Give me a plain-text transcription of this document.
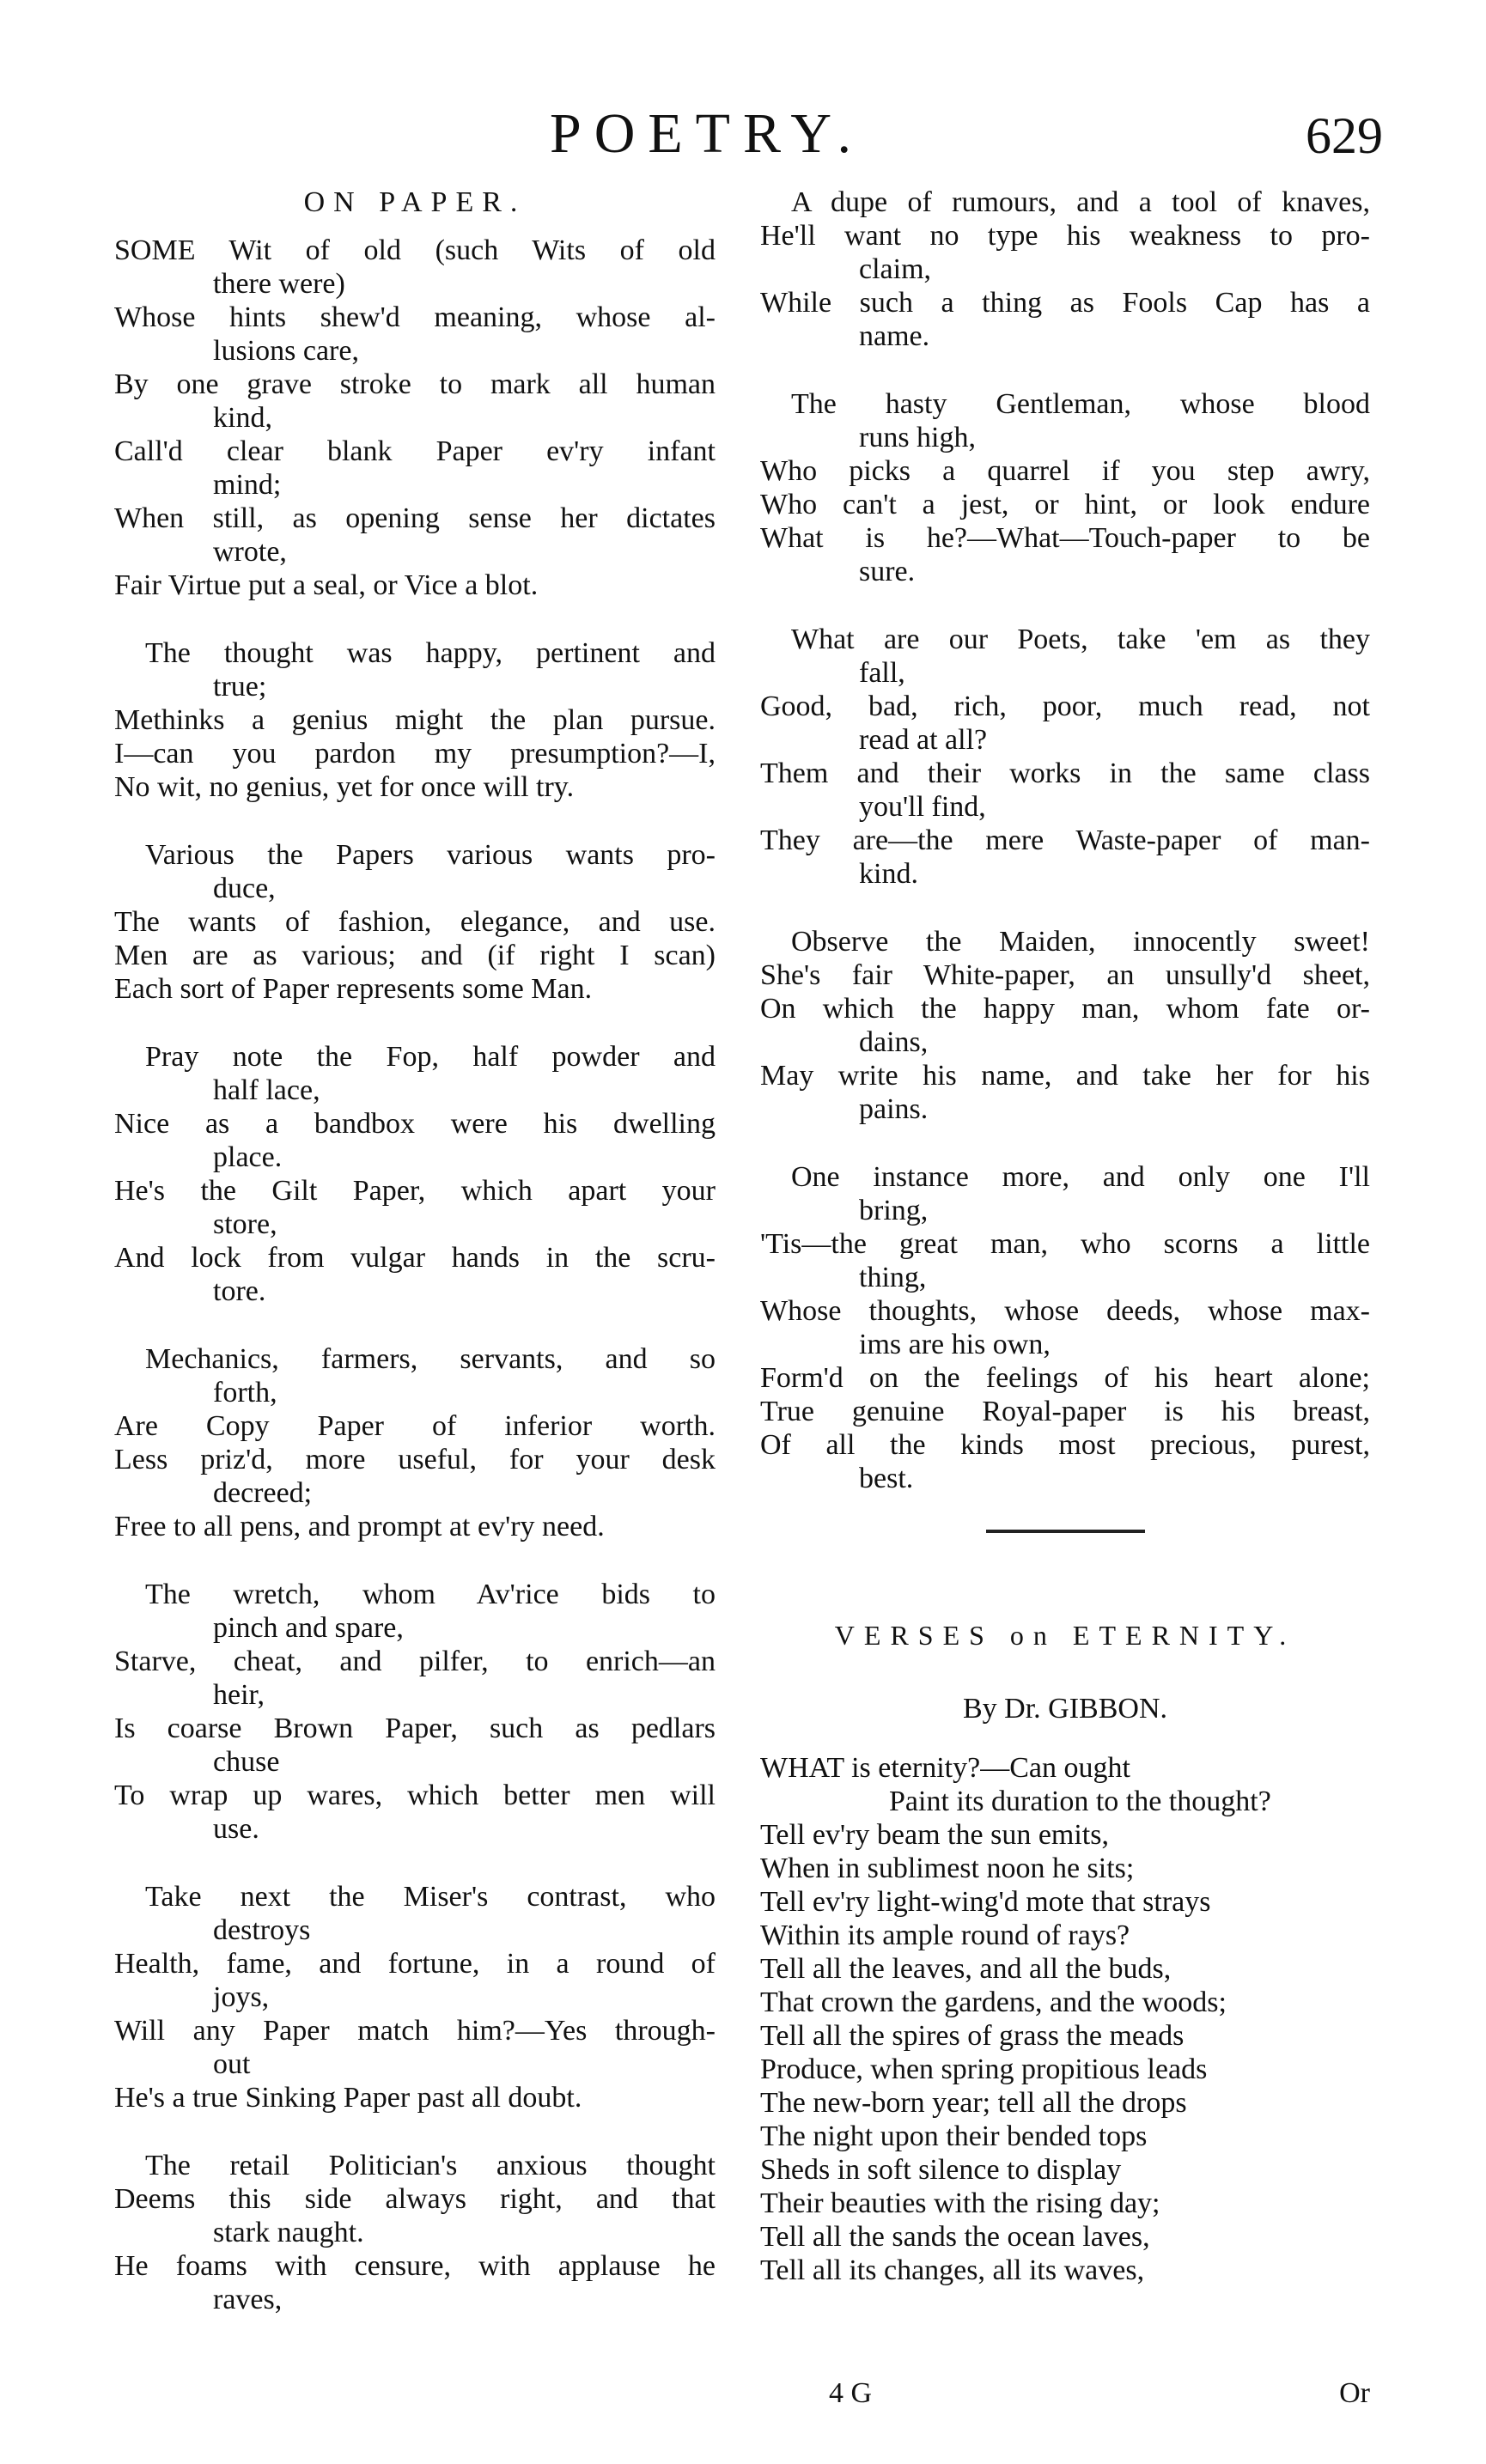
POETRY.	629
ON PAPER.
SOME Wit of old (such Wits of old
there were)
Whose hints shew'd meaning, whose al-
lusions care,
By one grave stroke to mark all human
kind,
Call'd clear blank Paper ev'ry infant
mind;
When still, as opening sense her dictates
wrote,
Fair Virtue put a seal, or Vice a blot.
The thought was happy, pertinent and
true;
Methinks a genius might the plan pursue.
I—can you pardon my presumption?—I,
No wit, no genius, yet for once will try.
Various the Papers various wants pro-
duce,
The wants of fashion, elegance, and use.
Men are as various; and (if right I scan)
Each sort of Paper represents some Man.
Pray note the Fop, half powder and
half lace,
Nice as a bandbox were his dwelling
place.
He's the Gilt Paper, which apart your
store,
And lock from vulgar hands in the scru-
tore.
Mechanics, farmers, servants, and so
forth,
Are Copy Paper of inferior worth.
Less priz'd, more useful, for your desk
decreed;
Free to all pens, and prompt at ev'ry need.
The wretch, whom Av'rice bids to
pinch and spare,
Starve, cheat, and pilfer, to enrich—an
heir,
Is coarse Brown Paper, such as pedlars
chuse
To wrap up wares, which better men will
use.
Take next the Miser's contrast, who
destroys
Health, fame, and fortune, in a round of
joys,
Will any Paper match him?—Yes through-
out
He's a true Sinking Paper past all doubt.
The retail Politician's anxious thought
Deems this side always right, and that
stark naught.
He foams with censure, with applause he
raves,
A dupe of rumours, and a tool of knaves,
He'll want no type his weakness to pro-
claim,
While such a thing as Fools Cap has a
name.
The hasty Gentleman, whose blood
runs high,
Who picks a quarrel if you step awry,
Who can't a jest, or hint, or look endure
What is he?—What—Touch-paper to be
sure.
What are our Poets, take 'em as they
fall,
Good, bad, rich, poor, much read, not
read at all?
Them and their works in the same class
you'll find,
They are—the mere Waste-paper of man-
kind.
Observe the Maiden, innocently sweet!
She's fair White-paper, an unsully'd sheet,
On which the happy man, whom fate or-
dains,
May write his name, and take her for his
pains.
One instance more, and only one I'll
bring,
'Tis—the great man, who scorns a little
thing,
Whose thoughts, whose deeds, whose max-
ims are his own,
Form'd on the feelings of his heart alone;
True genuine Royal-paper is his breast,
Of all the kinds most precious, purest,
best.
VERSES on ETERNITY.
By Dr. GIBBON.
WHAT is eternity?—Can ought
Paint its duration to the thought?
Tell ev'ry beam the sun emits,
When in sublimest noon he sits;
Tell ev'ry light-wing'd mote that strays
Within its ample round of rays?
Tell all the leaves, and all the buds,
That crown the gardens, and the woods;
Tell all the spires of grass the meads
Produce, when spring propitious leads
The new-born year; tell all the drops
The night upon their bended tops
Sheds in soft silence to display
Their beauties with the rising day;
Tell all the sands the ocean laves,
Tell all its changes, all its waves,
4 G	Or
